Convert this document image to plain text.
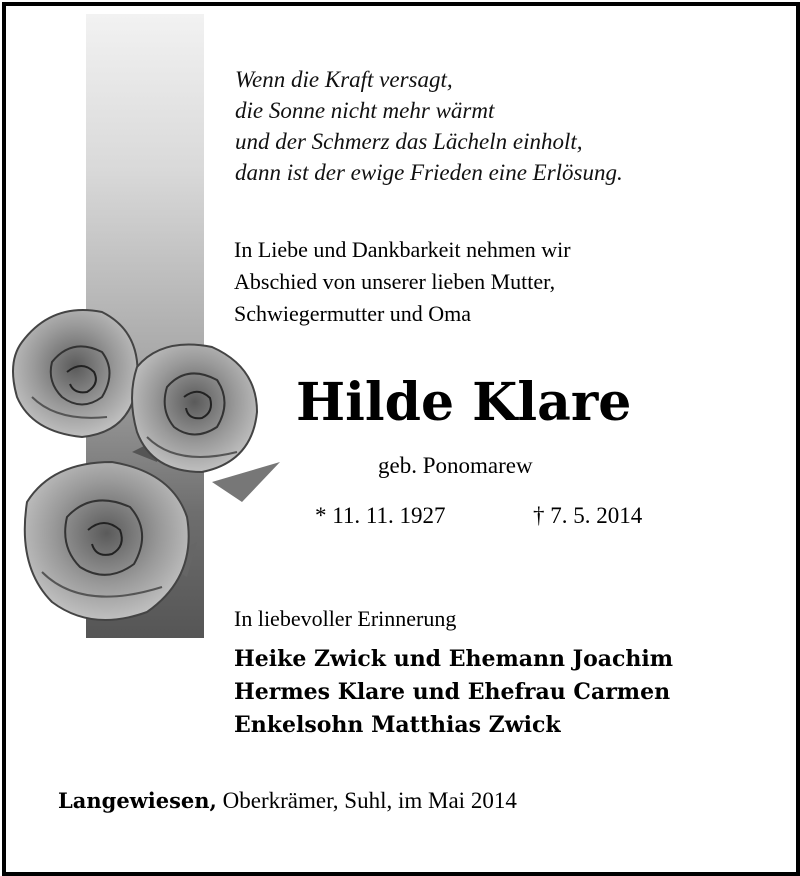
Wenn die Kraft versagt,
die Sonne nicht mehr wärmt
und der Schmerz das Lächeln einholt,
dann ist der ewige Frieden eine Erlösung.
In Liebe und Dankbarkeit nehmen wir
Abschied von unserer lieben Mutter,
Schwiegermutter und Oma
Hilde Klare
geb. Ponomarew
* 11. 11. 1927	† 7. 5. 2014
In liebevoller Erinnerung
Heike Zwick und Ehemann Joachim
Hermes Klare und Ehefrau Carmen
Enkelsohn Matthias Zwick
Langewiesen, Oberkrämer, Suhl, im Mai 2014
